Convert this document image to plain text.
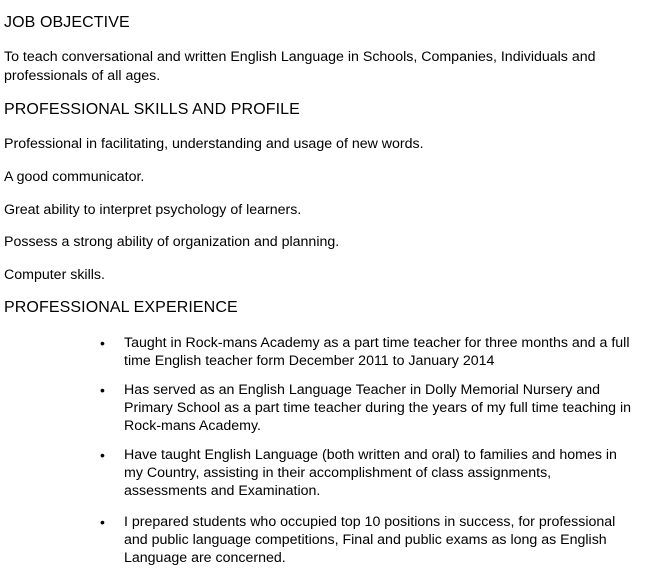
JOB OBJECTIVE

To teach conversational and written English Language in Schools, Companies, Individuals and professionals of all ages.

PROFESSIONAL SKILLS AND PROFILE

Professional in facilitating, understanding and usage of new words.

A good communicator.

Great ability to interpret psychology of learners.

Possess a strong ability of organization and planning.

Computer skills.

PROFESSIONAL EXPERIENCE
•	Taught in Rock-mans Academy as a part time teacher for three months and a full time English teacher form December 2011 to January 2014
•	Has served as an English Language Teacher in Dolly Memorial Nursery and Primary School as a part time teacher during the years of my full time teaching in Rock-mans Academy.
•	Have taught English Language (both written and oral) to families and homes in my Country, assisting in their accomplishment of class assignments, assessments and Examination.
•	I prepared students who occupied top 10 positions in success, for professional and public language competitions, Final and public exams as long as English Language are concerned.
